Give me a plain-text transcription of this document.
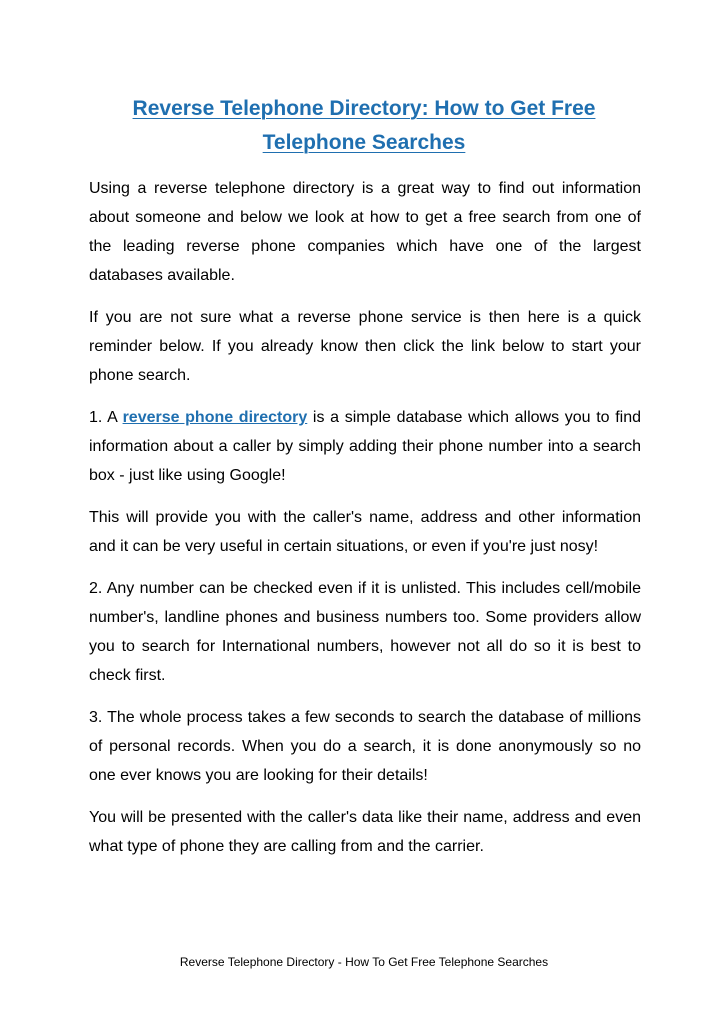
Reverse Telephone Directory: How to Get Free Telephone Searches

Using a reverse telephone directory is a great way to find out information about someone and below we look at how to get a free search from one of the leading reverse phone companies which have one of the largest databases available.

If you are not sure what a reverse phone service is then here is a quick reminder below. If you already know then click the link below to start your phone search.

1. A reverse phone directory is a simple database which allows you to find information about a caller by simply adding their phone number into a search box - just like using Google!

This will provide you with the caller's name, address and other information and it can be very useful in certain situations, or even if you're just nosy!

2. Any number can be checked even if it is unlisted. This includes cell/mobile number's, landline phones and business numbers too. Some providers allow you to search for International numbers, however not all do so it is best to check first.

3. The whole process takes a few seconds to search the database of millions of personal records. When you do a search, it is done anonymously so no one ever knows you are looking for their details!

You will be presented with the caller's data like their name, address and even what type of phone they are calling from and the carrier.

Reverse Telephone Directory - How To Get Free Telephone Searches
